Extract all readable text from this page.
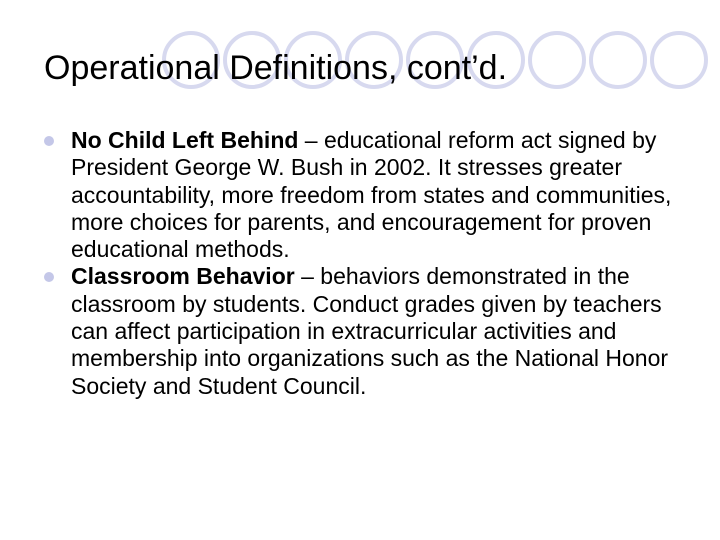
Operational Definitions, cont’d.
No Child Left Behind – educational reform act signed by President George W. Bush in 2002. It stresses greater accountability, more freedom from states and communities, more choices for parents, and encouragement for proven educational methods.
Classroom Behavior – behaviors demonstrated in the classroom by students. Conduct grades given by teachers can affect participation in extracurricular activities and membership into organizations such as the National Honor Society and Student Council.
